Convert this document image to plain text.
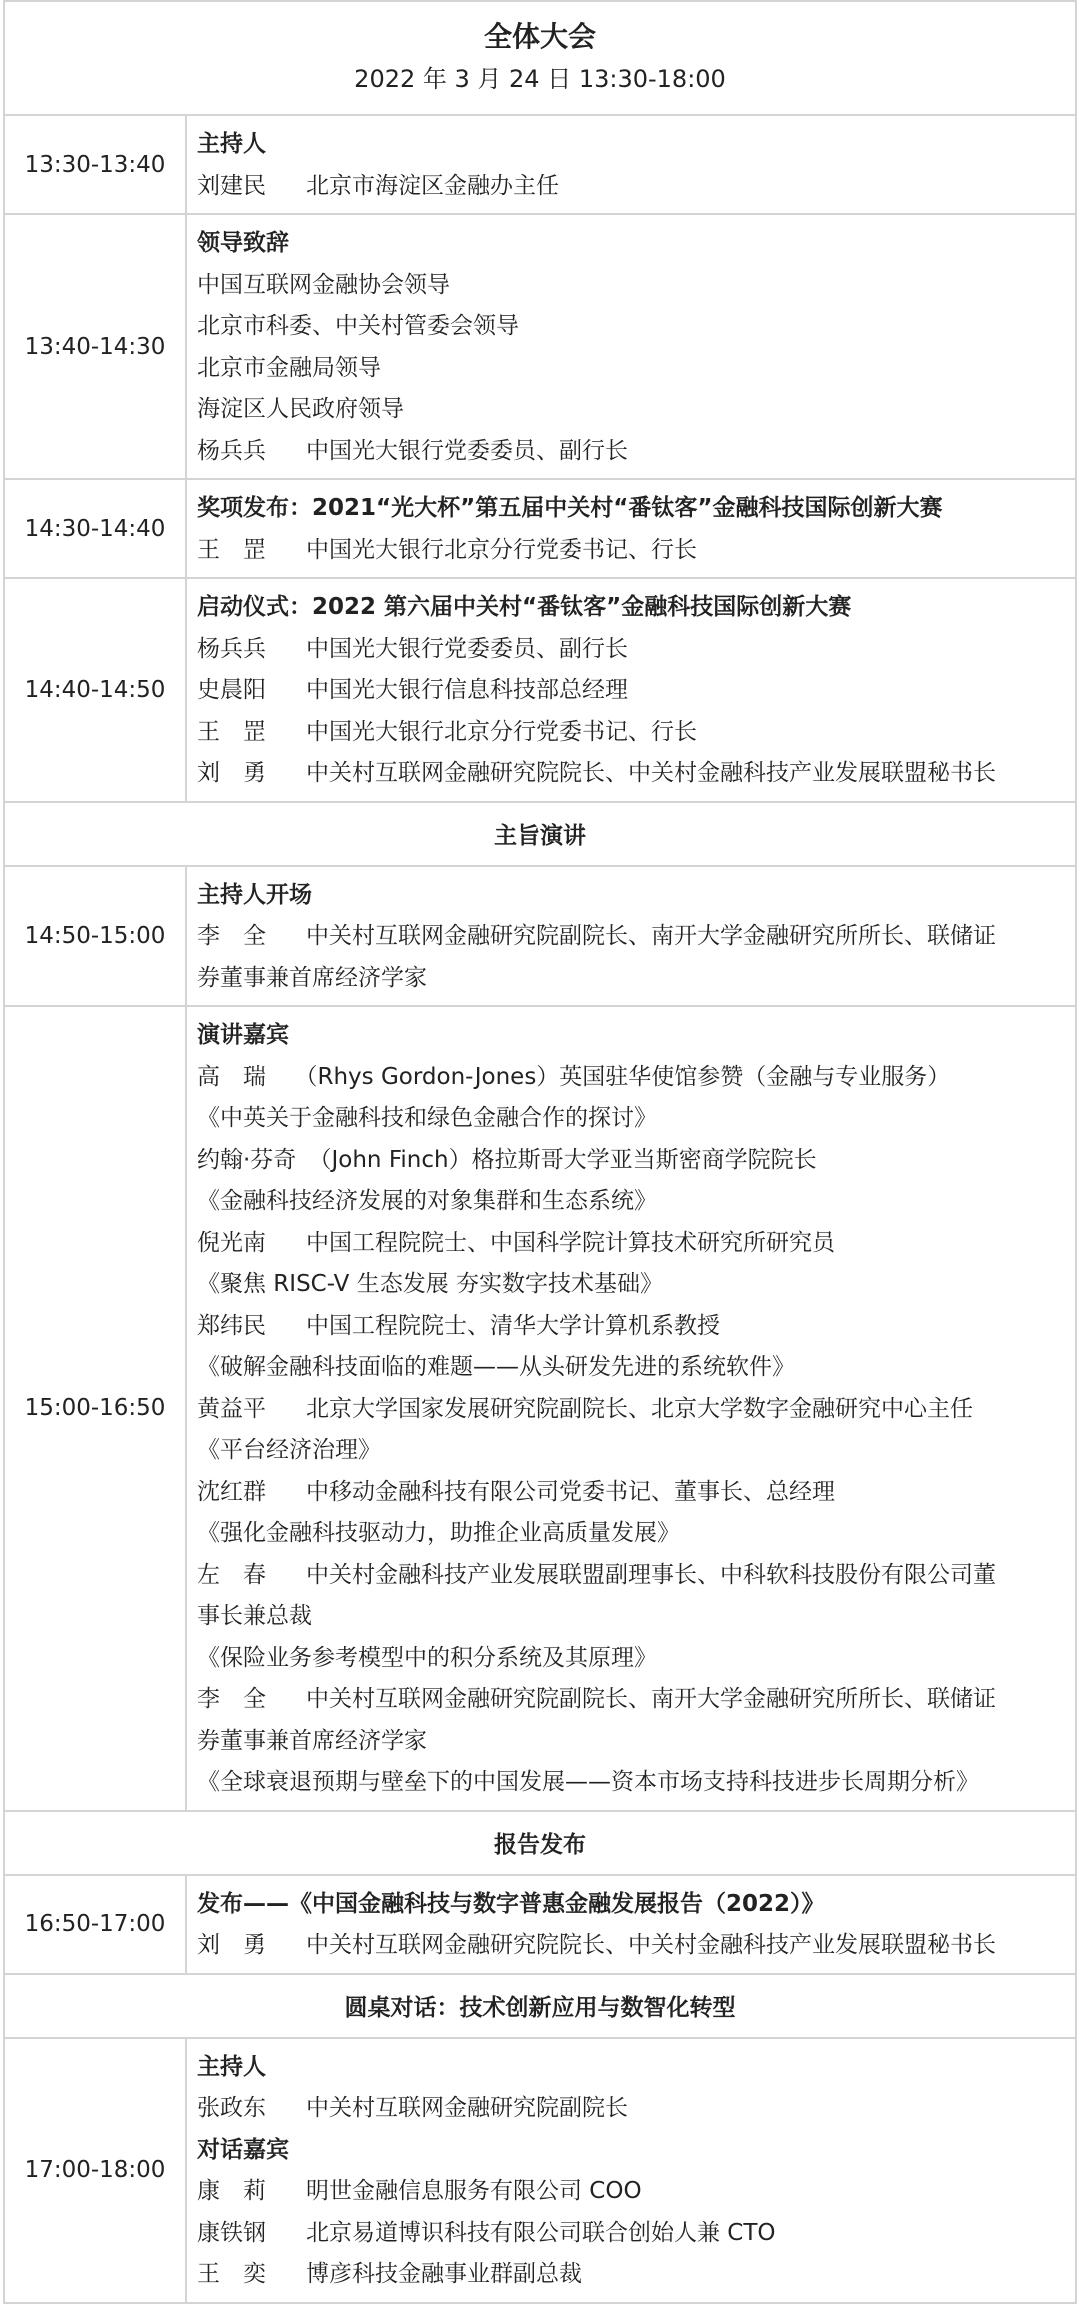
全体大会
2022 年 3 月 24 日 13:30-18:00
13:30-13:40
主持人
刘建民　 北京市海淀区金融办主任
13:40-14:30
领导致辞
中国互联网金融协会领导
北京市科委、中关村管委会领导
北京市金融局领导
海淀区人民政府领导
杨兵兵　 中国光大银行党委委员、副行长
14:30-14:40
奖项发布：2021“光大杯”第五届中关村“番钛客”金融科技国际创新大赛
王　罡　 中国光大银行北京分行党委书记、行长
14:40-14:50
启动仪式：2022 第六届中关村“番钛客”金融科技国际创新大赛
杨兵兵　 中国光大银行党委委员、副行长
史晨阳　 中国光大银行信息科技部总经理
王　罡　 中国光大银行北京分行党委书记、行长
刘　勇　 中关村互联网金融研究院院长、中关村金融科技产业发展联盟秘书长
主旨演讲
14:50-15:00
主持人开场
李　全　 中关村互联网金融研究院副院长、南开大学金融研究所所长、联储证
券董事兼首席经济学家
15:00-16:50
演讲嘉宾
高　瑞　 （Rhys Gordon-Jones）英国驻华使馆参赞（金融与专业服务）
《中英关于金融科技和绿色金融合作的探讨》
约翰·芬奇　 （John Finch）格拉斯哥大学亚当斯密商学院院长
《金融科技经济发展的对象集群和生态系统》
倪光南　 中国工程院院士、中国科学院计算技术研究所研究员
《聚焦 RISC-V 生态发展 夯实数字技术基础》
郑纬民　 中国工程院院士、清华大学计算机系教授
《破解金融科技面临的难题——从头研发先进的系统软件》
黄益平　 北京大学国家发展研究院副院长、北京大学数字金融研究中心主任
《平台经济治理》
沈红群　 中移动金融科技有限公司党委书记、董事长、总经理
《强化金融科技驱动力，助推企业高质量发展》
左　春　 中关村金融科技产业发展联盟副理事长、中科软科技股份有限公司董
事长兼总裁
《保险业务参考模型中的积分系统及其原理》
李　全　 中关村互联网金融研究院副院长、南开大学金融研究所所长、联储证
券董事兼首席经济学家
《全球衰退预期与壁垒下的中国发展——资本市场支持科技进步长周期分析》
报告发布
16:50-17:00
发布——《中国金融科技与数字普惠金融发展报告（2022）》
刘　勇　 中关村互联网金融研究院院长、中关村金融科技产业发展联盟秘书长
圆桌对话：技术创新应用与数智化转型
17:00-18:00
主持人
张政东　 中关村互联网金融研究院副院长
对话嘉宾
康　莉　 明世金融信息服务有限公司 COO
康铁钢　 北京易道博识科技有限公司联合创始人兼 CTO
王　奕　 博彦科技金融事业群副总裁
